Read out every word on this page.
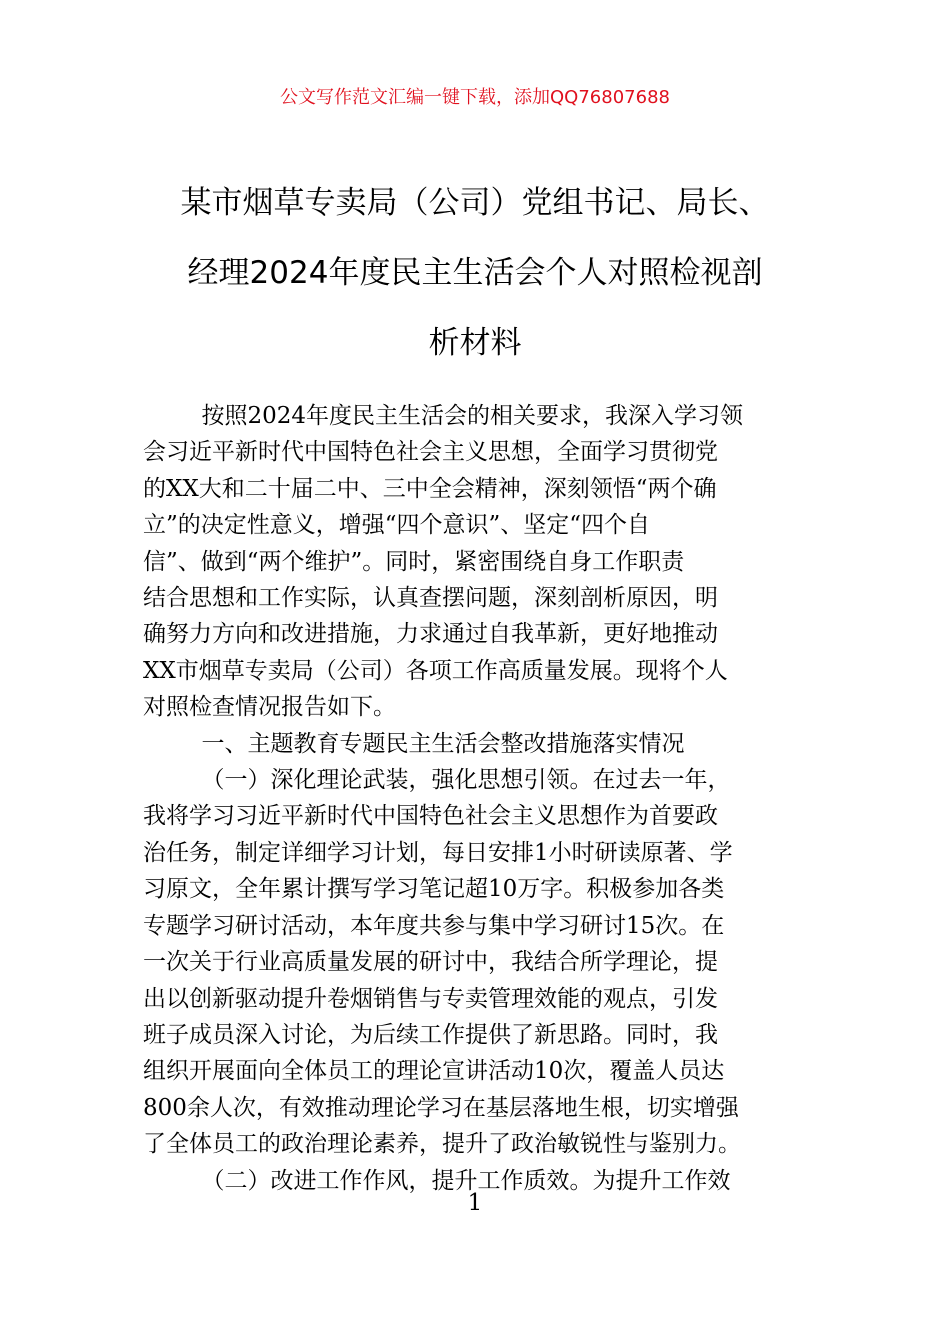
公文写作范文汇编一键下载，添加QQ76807688
某市烟草专卖局（公司）党组书记、局长、
经理2024年度民主生活会个人对照检视剖
析材料
按照2024年度民主生活会的相关要求，我深入学习领
会习近平新时代中国特色社会主义思想，全面学习贯彻党
的XX大和二十届二中、三中全会精神，深刻领悟“两个确
立”的决定性意义，增强“四个意识”、坚定“四个自
信”、做到“两个维护”。同时，紧密围绕自身工作职责
结合思想和工作实际，认真查摆问题，深刻剖析原因，明
确努力方向和改进措施，力求通过自我革新，更好地推动
XX市烟草专卖局（公司）各项工作高质量发展。现将个人
对照检查情况报告如下。
一、主题教育专题民主生活会整改措施落实情况
（一）深化理论武装，强化思想引领。在过去一年，
我将学习习近平新时代中国特色社会主义思想作为首要政
治任务，制定详细学习计划，每日安排1小时研读原著、学
习原文，全年累计撰写学习笔记超10万字。积极参加各类
专题学习研讨活动，本年度共参与集中学习研讨15次。在
一次关于行业高质量发展的研讨中，我结合所学理论，提
出以创新驱动提升卷烟销售与专卖管理效能的观点，引发
班子成员深入讨论，为后续工作提供了新思路。同时，我
组织开展面向全体员工的理论宣讲活动10次，覆盖人员达
800余人次，有效推动理论学习在基层落地生根，切实增强
了全体员工的政治理论素养，提升了政治敏锐性与鉴别力。
（二）改进工作作风，提升工作质效。为提升工作效
1
